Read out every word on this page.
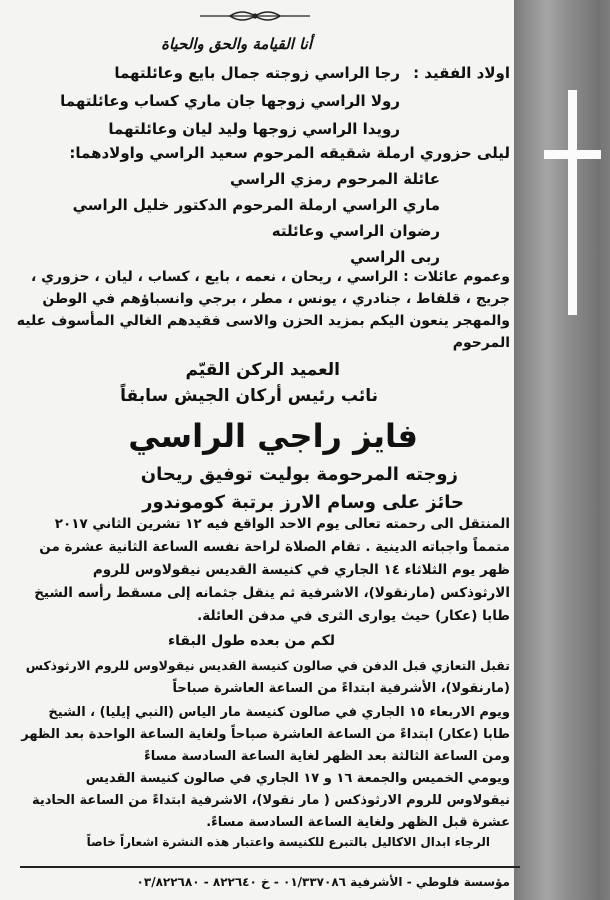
أنا القيامة والحق والحياة
اولاد الفقيد :
رجا الراسي زوجته جمال بايع وعائلتهما
رولا الراسي زوجها جان ماري كساب وعائلتهما
رويدا الراسي زوجها وليد ليان وعائلتهما
ليلى حزوري ارملة شقيقه المرحوم سعيد الراسي واولادهما:
عائلة المرحوم رمزي الراسي
ماري الراسي ارملة المرحوم الدكتور خليل الراسي
رضوان الراسي وعائلته
ربى الراسي
وعموم عائلات : الراسي ، ريحان ، نعمه ، بايع ، كساب ، ليان ، حزوري ،
جريج ، قلفاط ، جنادري ، يونس ، مطر ، برجي وانسباؤهم في الوطن
والمهجر ينعون اليكم بمزيد الحزن والاسى فقيدهم الغالي المأسوف عليه
المرحوم
العميد الركن القيّم
نائب رئيس أركان الجيش سابقاً
فايز راجي الراسي
زوجته المرحومة بوليت توفيق ريحان
حائز على وسام الارز برتبة كوموندور
المنتقل الى رحمته تعالى يوم الاحد الواقع فيه ١٢ تشرين الثاني ٢٠١٧
متمماً واجباته الدينية . تقام الصلاة لراحة نفسه الساعة الثانية عشرة من
ظهر يوم الثلاثاء ١٤ الجاري في كنيسة القديس نيقولاوس للروم
الارثوذكس (مارنقولا)، الاشرفية ثم ينقل جثمانه إلى مسقط رأسه الشيخ
طابا (عكار) حيث يوارى الثرى في مدفن العائلة.
لكم من بعده طول البقاء
تقبل التعازي قبل الدفن في صالون كنيسة القديس نيقولاوس للروم الارثوذكس
(مارنقولا)، الأشرفية ابتداءً من الساعة العاشرة صباحاً
ويوم الاربعاء ١٥ الجاري في صالون كنيسة مار الياس (النبي إيليا) ، الشيخ
طابا (عكار) ابتداءً من الساعة العاشرة صباحاً ولغاية الساعة الواحدة بعد الظهر
ومن الساعة الثالثة بعد الظهر لغاية الساعة السادسة مساءً
ويومي الخميس والجمعة ١٦ و ١٧ الجاري في صالون كنيسة القديس
نيقولاوس للروم الارثوذكس ( مار نقولا)، الاشرفية ابتداءً من الساعة الحادية
عشرة قبل الظهر ولغاية الساعة السادسة مساءً.
الرجاء ابدال الاكاليل بالتبرع للكنيسة واعتبار هذه النشرة اشعاراً خاصاً
مؤسسة فلوطي - الأشرفية ٠١/٣٣٧٠٨٦ - خ ٨٢٢٦٤٠ - ٠٣/٨٢٢٦٨٠
